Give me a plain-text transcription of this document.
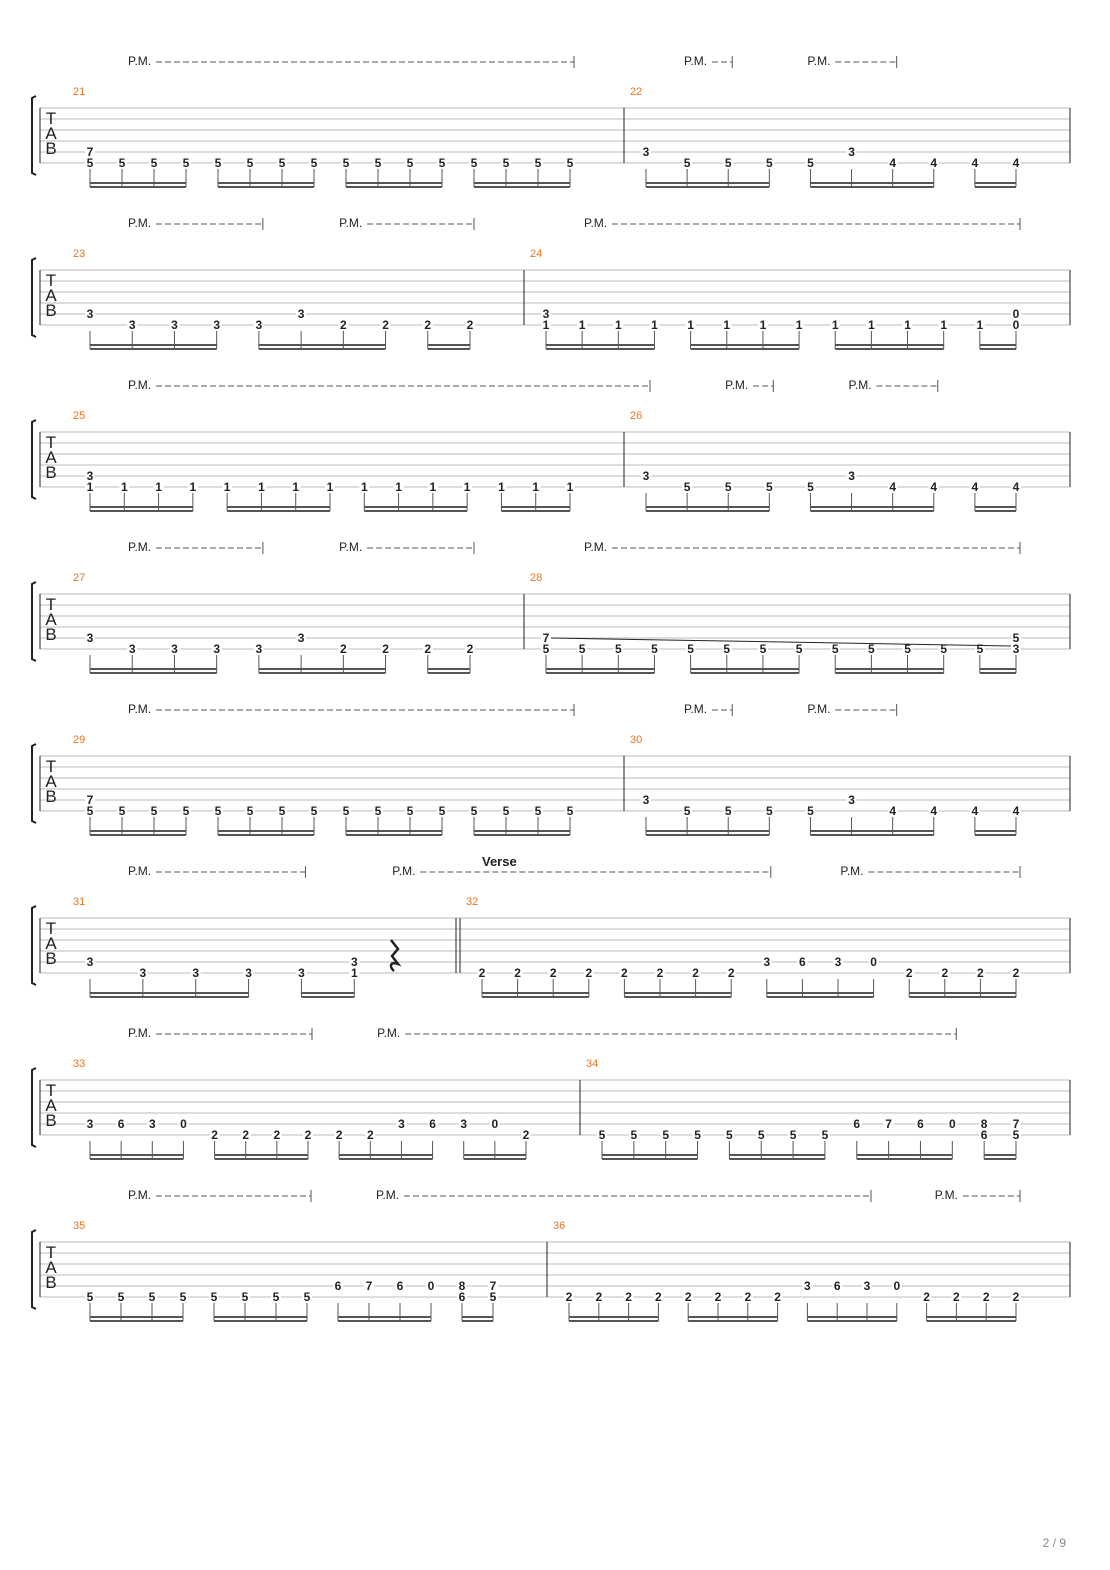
T
A
B
21
5
7
5 5 5 5 5 5 5 5 5 5 5 5 5 5 5
22
3
5	5	5	5
3
4	4	4	4
P.M.	P.M.	P.M.
T
A
B
23
3
3	3	3	3
3
2	2	2	2
24
1
3
1 1 1 1 1 1 1 1 1 1 1 1 0
0
P.M.	P.M.	P.M.
T
A
B
25
1
3
1 1 1 1 1 1 1 1 1 1 1 1 1 1
26
3
5	5	5	5
3
4	4	4	4
P.M.	P.M.	P.M.
T
A
B
27
3
3	3	3	3
3
2	2	2	2
28
5
7
5 5 5 5 5 5 5 5 5 5 5 5 3
5
P.M.	P.M.	P.M.
T
A
B
29
5
7
5 5 5 5 5 5 5 5 5 5 5 5 5 5 5
30
3
5	5	5	5
3
4	4	4	4
P.M.	P.M.	P.M.
T
A
B
31
3
3	3	3	3	1
3
32
2 2 2 2 2 2 2 2
3 6 3 0
2 2 2 2
Verse
P.M.	P.M.	P.M.
T
A
B
33
3 6 3 0
2 2 2 2 2 2
3 6 3 0
2
34
5 5 5 5 5 5 5 5
6 7 6 0 8
6
7
5
P.M.	P.M.
T
A
B
35
5 5 5 5 5 5 5 5
6 7 6 0 8
6
7
5
36
2 2 2 2 2 2 2 2
3 6 3 0
2 2 2 2
P.M.	P.M.	P.M.
2 / 9
